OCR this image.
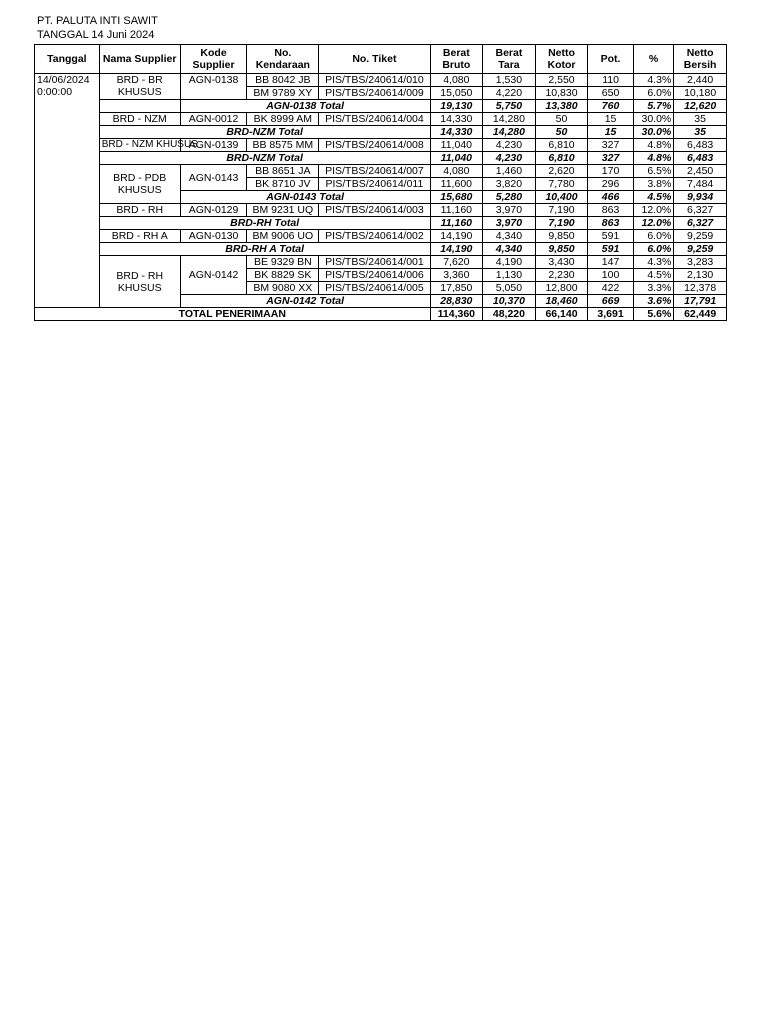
PT. PALUTA INTI SAWIT
TANGGAL 14 Juni 2024
Tanggal	Nama Supplier	Kode Supplier	No. Kendaraan	No. Tiket	Berat Bruto	Berat Tara	Netto Kotor	Pot.	%	Netto Bersih
14/06/2024
0:00:00	BRD - BR KHUSUS	AGN-0138	BB 8042 JB	PIS/TBS/240614/010	4,080	1,530	2,550	110	4.3%	2,440
			BM 9789 XY	PIS/TBS/240614/009	15,050	4,220	10,830	650	6.0%	10,180
		AGN-0138 Total			19,130	5,750	13,380	760	5.7%	12,620
	BRD - NZM	AGN-0012	BK 8999 AM	PIS/TBS/240614/004	14,330	14,280	50	15	30.0%	35
	BRD-NZM Total				14,330	14,280	50	15	30.0%	35
	BRD - NZM KHUSUS	AGN-0139	BB 8575 MM	PIS/TBS/240614/008	11,040	4,230	6,810	327	4.8%	6,483
	BRD-NZM Total				11,040	4,230	6,810	327	4.8%	6,483
	BRD - PDB KHUSUS	AGN-0143	BB 8651 JA	PIS/TBS/240614/007	4,080	1,460	2,620	170	6.5%	2,450
			BK 8710 JV	PIS/TBS/240614/011	11,600	3,820	7,780	296	3.8%	7,484
		AGN-0143 Total			15,680	5,280	10,400	466	4.5%	9,934
	BRD - RH	AGN-0129	BM 9231 UQ	PIS/TBS/240614/003	11,160	3,970	7,190	863	12.0%	6,327
	BRD-RH Total				11,160	3,970	7,190	863	12.0%	6,327
	BRD - RH A	AGN-0130	BM 9006 UO	PIS/TBS/240614/002	14,190	4,340	9,850	591	6.0%	9,259
	BRD-RH A Total				14,190	4,340	9,850	591	6.0%	9,259
	BRD - RH KHUSUS	AGN-0142	BE 9329 BN	PIS/TBS/240614/001	7,620	4,190	3,430	147	4.3%	3,283
			BK 8829 SK	PIS/TBS/240614/006	3,360	1,130	2,230	100	4.5%	2,130
			BM 9080 XX	PIS/TBS/240614/005	17,850	5,050	12,800	422	3.3%	12,378
		AGN-0142 Total			28,830	10,370	18,460	669	3.6%	17,791
TOTAL PENERIMAAN					114,360	48,220	66,140	3,691	5.6%	62,449
